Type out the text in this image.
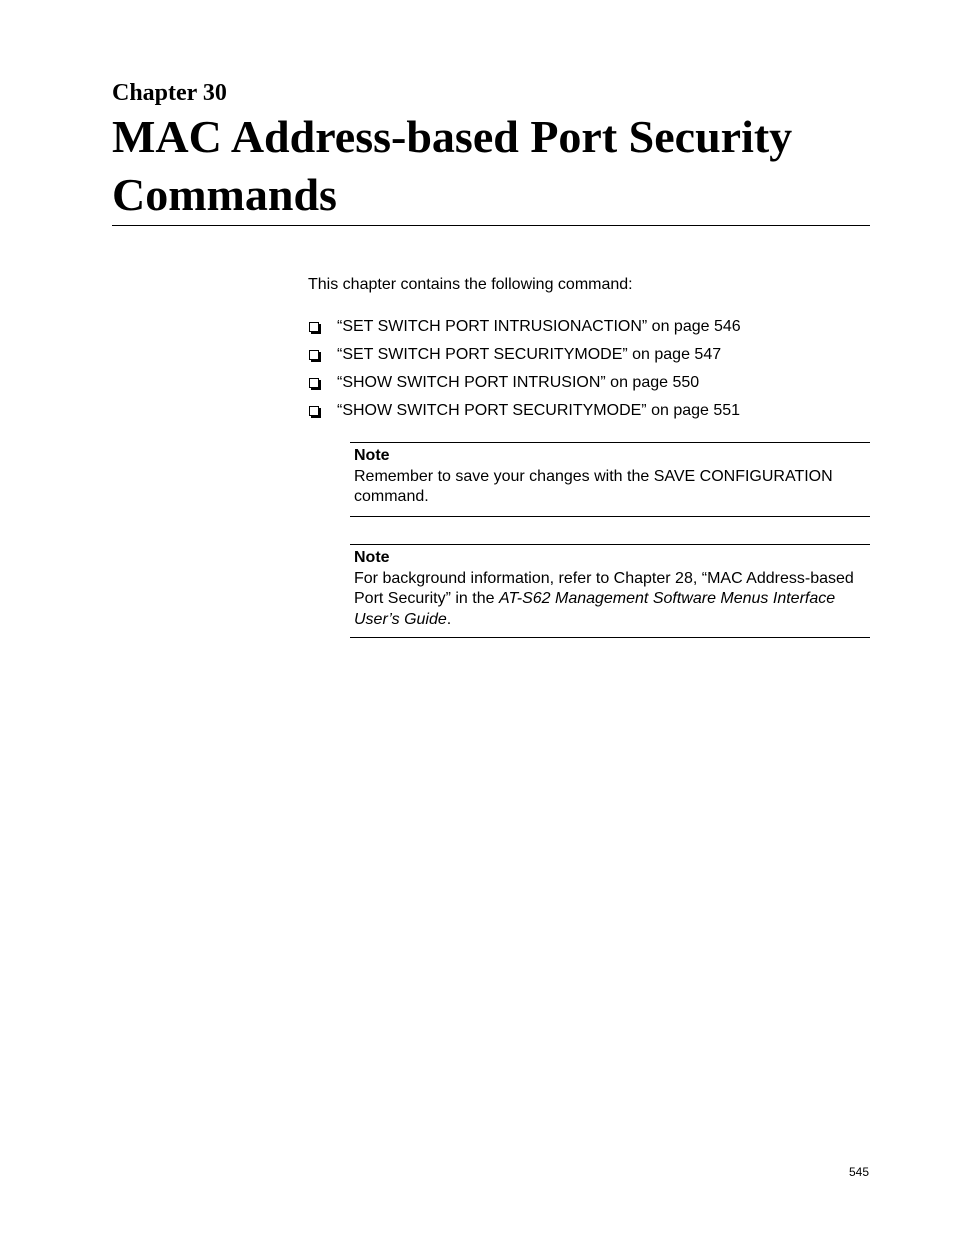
Chapter 30
MAC Address-based Port Security
Commands

This chapter contains the following command:

“SET SWITCH PORT INTRUSIONACTION” on page 546
“SET SWITCH PORT SECURITYMODE” on page 547
“SHOW SWITCH PORT INTRUSION” on page 550
“SHOW SWITCH PORT SECURITYMODE” on page 551
Note
Remember to save your changes with the SAVE CONFIGURATION command.
Note
For background information, refer to Chapter 28, “MAC Address-based Port Security” in the AT-S62 Management Software Menus Interface User’s Guide.
545
